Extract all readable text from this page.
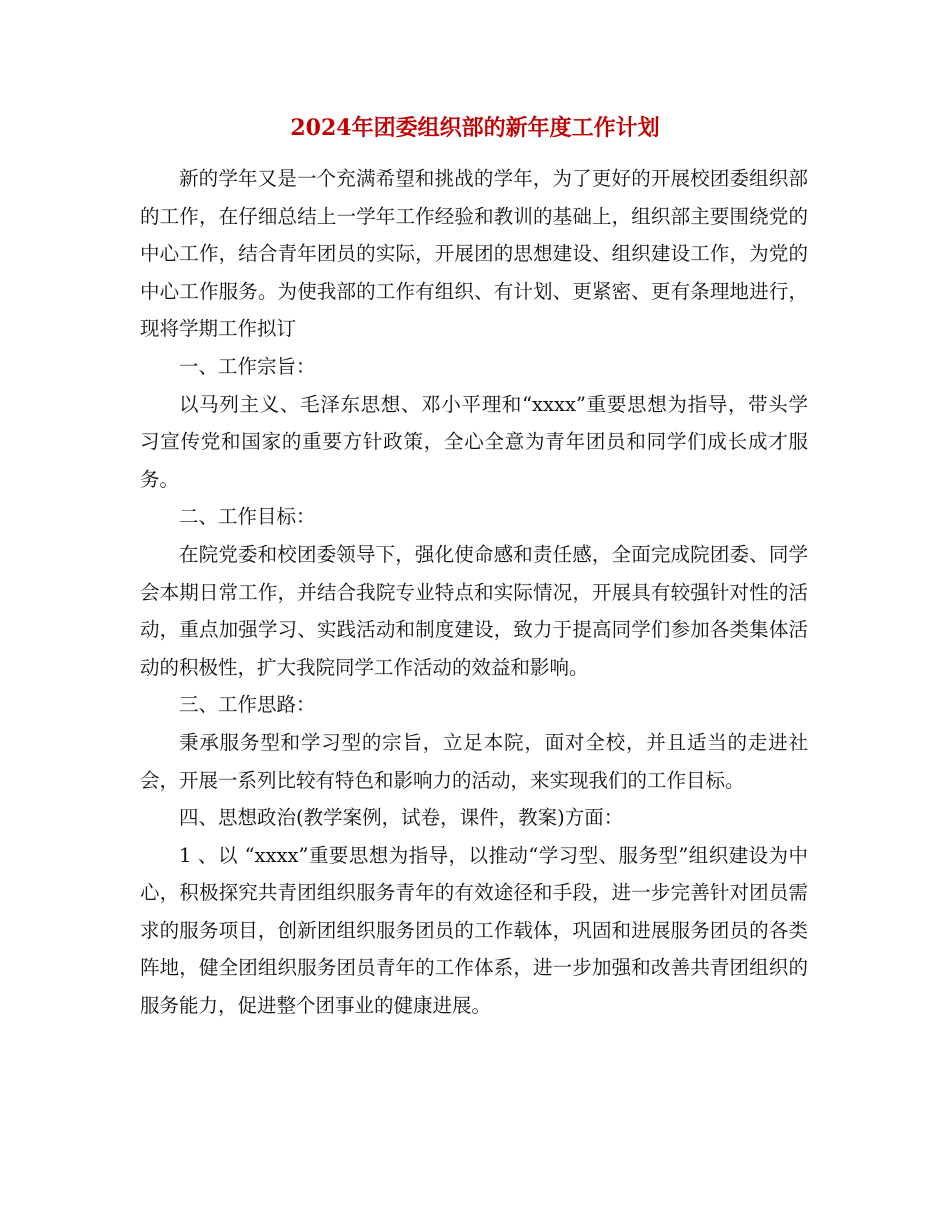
2024年团委组织部的新年度工作计划

新的学年又是一个充满希望和挑战的学年，为了更好的开展校团委组织部的工作，在仔细总结上一学年工作经验和教训的基础上，组织部主要围绕党的中心工作，结合青年团员的实际，开展团的思想建设、组织建设工作，为党的中心工作服务。为使我部的工作有组织、有计划、更紧密、更有条理地进行，现将学期工作拟订

一、工作宗旨：

以马列主义、毛泽东思想、邓小平理和“xxxx”重要思想为指导，带头学习宣传党和国家的重要方针政策，全心全意为青年团员和同学们成长成才服务。

二、工作目标：

在院党委和校团委领导下，强化使命感和责任感，全面完成院团委、同学会本期日常工作，并结合我院专业特点和实际情况，开展具有较强针对性的活动，重点加强学习、实践活动和制度建设，致力于提高同学们参加各类集体活动的积极性，扩大我院同学工作活动的效益和影响。

三、工作思路：

秉承服务型和学习型的宗旨，立足本院，面对全校，并且适当的走进社会，开展一系列比较有特色和影响力的活动，来实现我们的工作目标。

四、思想政治(教学案例，试卷，课件，教案)方面：

1 、以 “xxxx”重要思想为指导，以推动“学习型、服务型”组织建设为中心，积极探究共青团组织服务青年的有效途径和手段，进一步完善针对团员需求的服务项目，创新团组织服务团员的工作载体，巩固和进展服务团员的各类阵地，健全团组织服务团员青年的工作体系，进一步加强和改善共青团组织的服务能力，促进整个团事业的健康进展。
